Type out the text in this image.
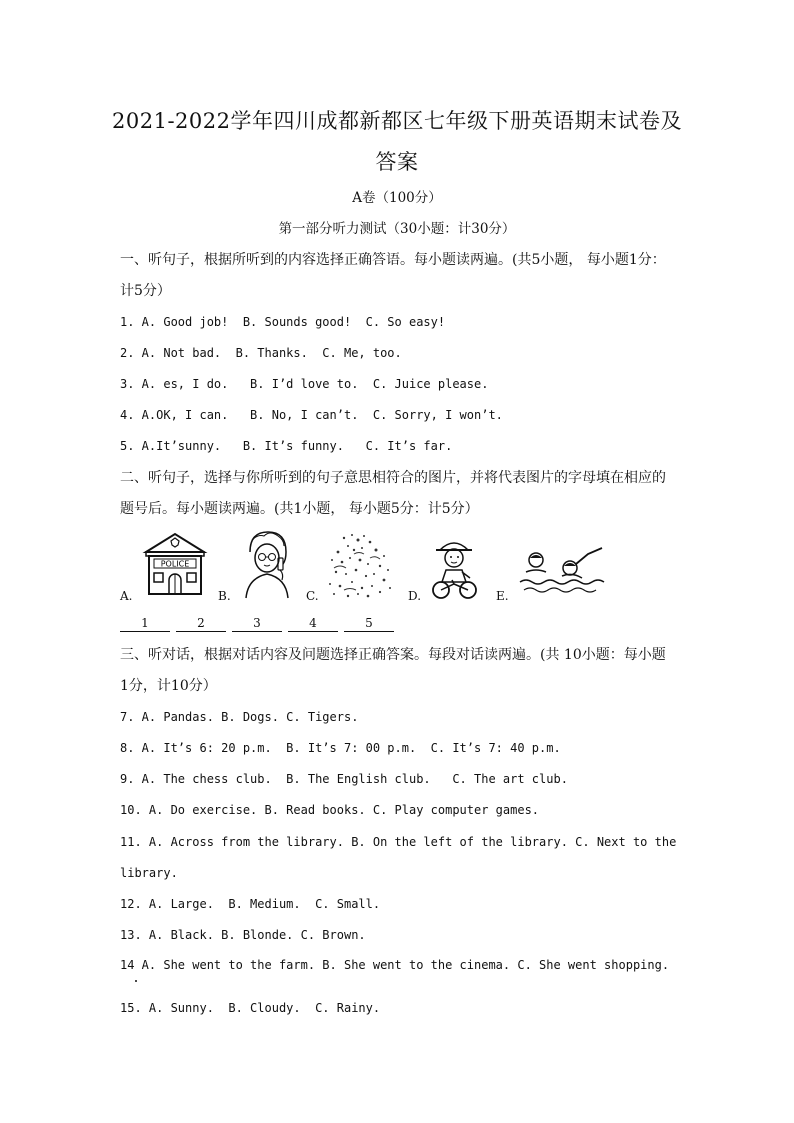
2021-2022学年四川成都新都区七年级下册英语期末试卷及
答案
A卷（100分）
第一部分听力测试（30小题：计30分）
一、听句子，根据所听到的内容选择正确答语。每小题读两遍。(共5小题， 每小题1分：
计5分）
1. A. Good job!  B. Sounds good!  C. So easy!
2. A. Not bad.  B. Thanks.  C. Me, too.
3. A. es, I do.   B. I’d love to.  C. Juice please.
4. A.OK, I can.   B. No, I can’t.  C. Sorry, I won’t.
5. A.It’sunny.   B. It’s funny.   C. It’s far.
二、听句子，选择与你所听到的句子意思相符合的图片，并将代表图片的字母填在相应的
题号后。每小题读两遍。(共1小题， 每小题5分：计5分）
A.
POLICE
B.	C.	D.	E.
1	2	3	4	5
三、听对话，根据对话内容及问题选择正确答案。每段对话读两遍。(共 10小题：每小题
1分，计10分）
7. A. Pandas. B. Dogs. C. Tigers.
8. A. It’s 6: 20 p.m.  B. It’s 7: 00 p.m.  C. It’s 7: 40 p.m.
9. A. The chess club.  B. The English club.   C. The art club.
10. A. Do exercise. B. Read books. C. Play computer games.
11. A. Across from the library. B. On the left of the library. C. Next to the
library.
12. A. Large.  B. Medium.  C. Small.
13. A. Black. B. Blonde. C. Brown.
14 A. She went to the farm. B. She went to the cinema. C. She went shopping.
15. A. Sunny.  B. Cloudy.  C. Rainy.
